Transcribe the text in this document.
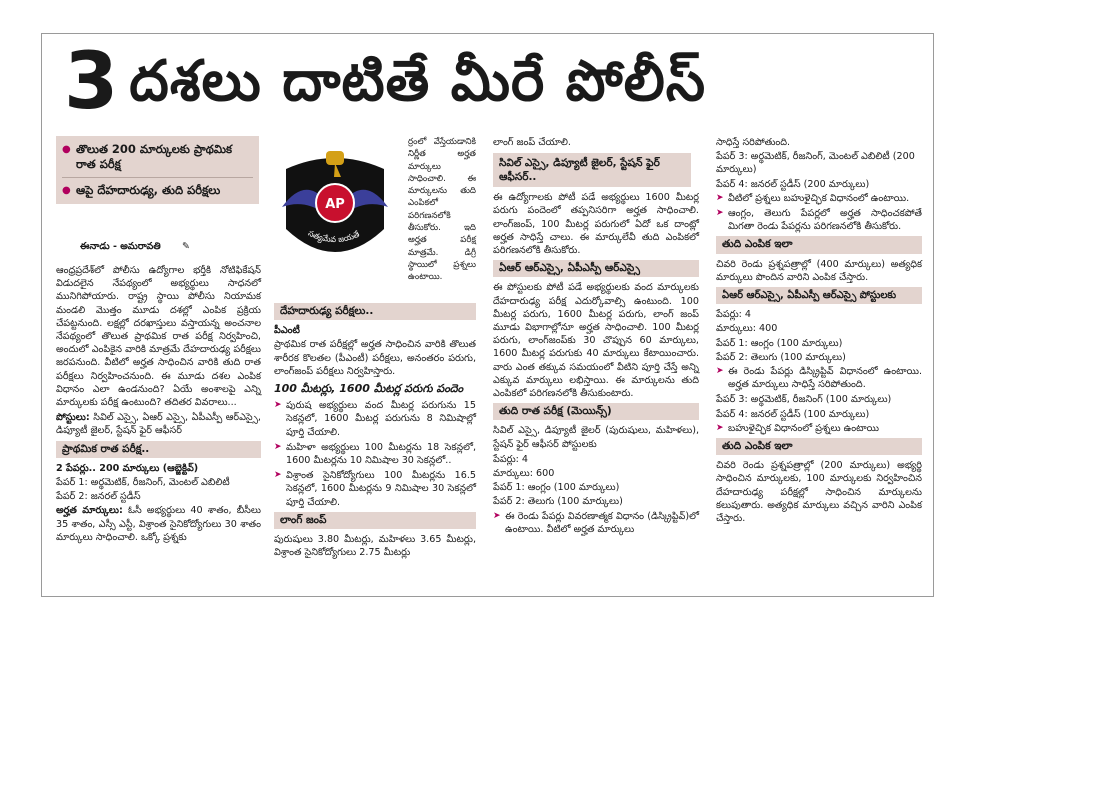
3 దశలు దాటితే మీరే పోలీస్
● తొలుత 200 మార్కులకు ప్రాథమిక రాత పరీక్ష
● ఆపై దేహదారుఢ్య, తుది పరీక్షలు
ఈనాడు - అమరావతి ✎

ఆంధ్రప్రదేశ్‌లో పోలీసు ఉద్యోగాల భర్తీకి నోటిఫికేషన్ విడుదలైన నేపథ్యంలో అభ్యర్థులు సాధనలో మునిగిపోయారు. రాష్ట్ర స్థాయి పోలీసు నియామక మండలి మొత్తం మూడు దశల్లో ఎంపిక ప్రక్రియ చేపట్టనుంది. లక్షల్లో దరఖాస్తులు వస్తాయన్న అంచనాల నేపథ్యంలో తొలుత ప్రాథమిక రాత పరీక్ష నిర్వహించి, అందులో ఎంపికైన వారికి మాత్రమే దేహదారుఢ్య పరీక్షలు జరపనుంది. వీటిలో అర్హత సాధించిన వారికి తుది రాత పరీక్షలు నిర్వహించనుంది. ఈ మూడు దశల ఎంపిక విధానం ఎలా ఉండనుంది? ఏయే అంశాలపై ఎన్ని మార్కులకు పరీక్ష ఉంటుంది? తదితర వివరాలు...

పోస్టులు: సివిల్ ఎస్సై, ఏఆర్ ఎస్సై, ఏపీఎస్పీ ఆర్ఎస్సై, డిప్యూటీ జైలర్, స్టేషన్ ఫైర్ ఆఫీసర్

ప్రాథమిక రాత పరీక్ష..
2 పేపర్లు.. 200 మార్కులు (ఆబ్జెక్టివ్)
పేపర్ 1: అర్థమెటిక్, రీజనింగ్, మెంటల్ ఎబిలిటీ
పేపర్ 2: జనరల్ స్టడీస్

అర్హత మార్కులు: ఓసీ అభ్యర్థులు 40 శాతం, బీసీలు 35 శాతం, ఎస్సీ ఎస్టీ, విశ్రాంత సైనికోద్యోగులు 30 శాతం మార్కులు సాధించాలి. ఒక్కో ప్రశ్నకు

AP
సత్యమేవ జయతే
POLICE

ర్రంలో వేస్తేయడానికి నిర్ణీత అర్హత మార్కులు సాధించాలి. ఈ మార్కులను తుది ఎంపికలో పరిగణనలోకి తీసుకోరు. ఇది అర్హత పరీక్ష మాత్రమే. డిగ్రీ స్థాయిలో ప్రశ్నలు ఉంటాయి.

దేహదారుఢ్య పరీక్షలు..
పీఎంటీ

ప్రాథమిక రాత పరీక్షల్లో అర్హత సాధించిన వారికి తొలుత శారీరక కొలతల (పీఎంటీ) పరీక్షలు, అనంతరం పరుగు, లాంగ్‌జంప్ పరీక్షలు నిర్వహిస్తారు.

100 మీటర్లు, 1600 మీటర్ల పరుగు పందెం

➤ పురుష అభ్యర్థులు వంద మీటర్ల పరుగును 15 సెకన్లలో, 1600 మీటర్ల పరుగును 8 నిమిషాల్లో పూర్తి చేయాలి.

➤ మహిళా అభ్యర్థులు 100 మీటర్లను 18 సెకన్లలో, 1600 మీటర్లను 10 నిమిషాల 30 సెకన్లలో..

➤ విశ్రాంత సైనికోద్యోగులు 100 మీటర్లను 16.5 సెకన్లలో, 1600 మీటర్లను 9 నిమిషాల 30 సెకన్లలో పూర్తి చేయాలి.

లాంగ్ జంప్

పురుషులు 3.80 మీటర్లు, మహిళలు 3.65 మీటర్లు, విశ్రాంత సైనికోద్యోగులు 2.75 మీటర్లు

లాంగ్ జంప్ చేయాలి.
సివిల్ ఎస్సై, డిప్యూటీ జైలర్, స్టేషన్ ఫైర్ ఆఫీసర్..

ఈ ఉద్యోగాలకు పోటీ పడే అభ్యర్థులు 1600 మీటర్ల పరుగు పందెంలో తప్పనిసరిగా అర్హత సాధించాలి. లాంగ్‌జంప్, 100 మీటర్ల పరుగులో ఏదో ఒక దాంట్లో అర్హత సాధిస్తే చాలు. ఈ మార్కులేవీ తుది ఎంపికలో పరిగణనలోకి తీసుకోరు.

ఏఆర్ ఆర్ఎస్సై, ఏపీఎస్పీ ఆర్ఎస్సై

ఈ పోస్టులకు పోటీ పడే అభ్యర్థులకు వంద మార్కులకు దేహదారుఢ్య పరీక్ష ఎదుర్కోవాల్సి ఉంటుంది. 100 మీటర్ల పరుగు, 1600 మీటర్ల పరుగు, లాంగ్ జంప్ మూడు విభాగాల్లోనూ అర్హత సాధించాలి. 100 మీటర్ల పరుగు, లాంగ్‌జంప్‌కు 30 చొప్పున 60 మార్కులు, 1600 మీటర్ల పరుగుకు 40 మార్కులు కేటాయించారు. వారు ఎంత తక్కువ సమయంలో వీటిని పూర్తి చేస్తే అన్ని ఎక్కువ మార్కులు లభిస్తాయి. ఈ మార్కులను తుది ఎంపికలో పరిగణనలోకి తీసుకుంటారు.

తుది రాత పరీక్ష (మెయిన్స్)

సివిల్ ఎస్సై, డిప్యూటీ జైలర్ (పురుషులు, మహిళలు), స్టేషన్ ఫైర్ ఆఫీసర్ పోస్టులకు

పేపర్లు: 4
మార్కులు: 600
పేపర్ 1: ఆంగ్లం (100 మార్కులు)
పేపర్ 2: తెలుగు (100 మార్కులు)

➤ ఈ రెండు పేపర్లు వివరణాత్మక విధానం (డిస్క్రిప్టివ్)లో ఉంటాయి. వీటిలో అర్హత మార్కులు

సాధిస్తే సరిపోతుంది.
పేపర్ 3: అర్థమెటిక్, రీజనింగ్, మెంటల్ ఎబిలిటీ (200 మార్కులు)
పేపర్ 4: జనరల్ స్టడీస్ (200 మార్కులు)

➤ వీటిలో ప్రశ్నలు బహుళైచ్ఛిక విధానంలో ఉంటాయి.

➤ ఆంగ్లం, తెలుగు పేపర్లలో అర్హత సాధించకపోతే మిగతా రెండు పేపర్లను పరిగణనలోకి తీసుకోరు.

తుది ఎంపిక ఇలా

చివరి రెండు ప్రశ్నపత్రాల్లో (400 మార్కులు) అత్యధిక మార్కులు పొందిన వారిని ఎంపిక చేస్తారు.

ఏఆర్ ఆర్ఎస్సై, ఏపీఎస్పీ ఆర్ఎస్సై పోస్టులకు
పేపర్లు: 4
మార్కులు: 400
పేపర్ 1: ఆంగ్లం (100 మార్కులు)
పేపర్ 2: తెలుగు (100 మార్కులు)

➤ ఈ రెండు పేపర్లు డిస్క్రిప్టివ్ విధానంలో ఉంటాయి. అర్హత మార్కులు సాధిస్తే సరిపోతుంది.

పేపర్ 3: అర్థమెటిక్, రీజనింగ్ (100 మార్కులు)
పేపర్ 4: జనరల్ స్టడీస్ (100 మార్కులు)

➤ బహుళైచ్ఛిక విధానంలో ప్రశ్నలు ఉంటాయి

తుది ఎంపిక ఇలా

చివరి రెండు ప్రశ్నపత్రాల్లో (200 మార్కులు) అభ్యర్థి సాధించిన మార్కులకు, 100 మార్కులకు నిర్వహించిన దేహదారుఢ్య పరీక్షల్లో సాధించిన మార్కులను కలుపుతారు. అత్యధిక మార్కులు వచ్చిన వారిని ఎంపిక చేస్తారు.
